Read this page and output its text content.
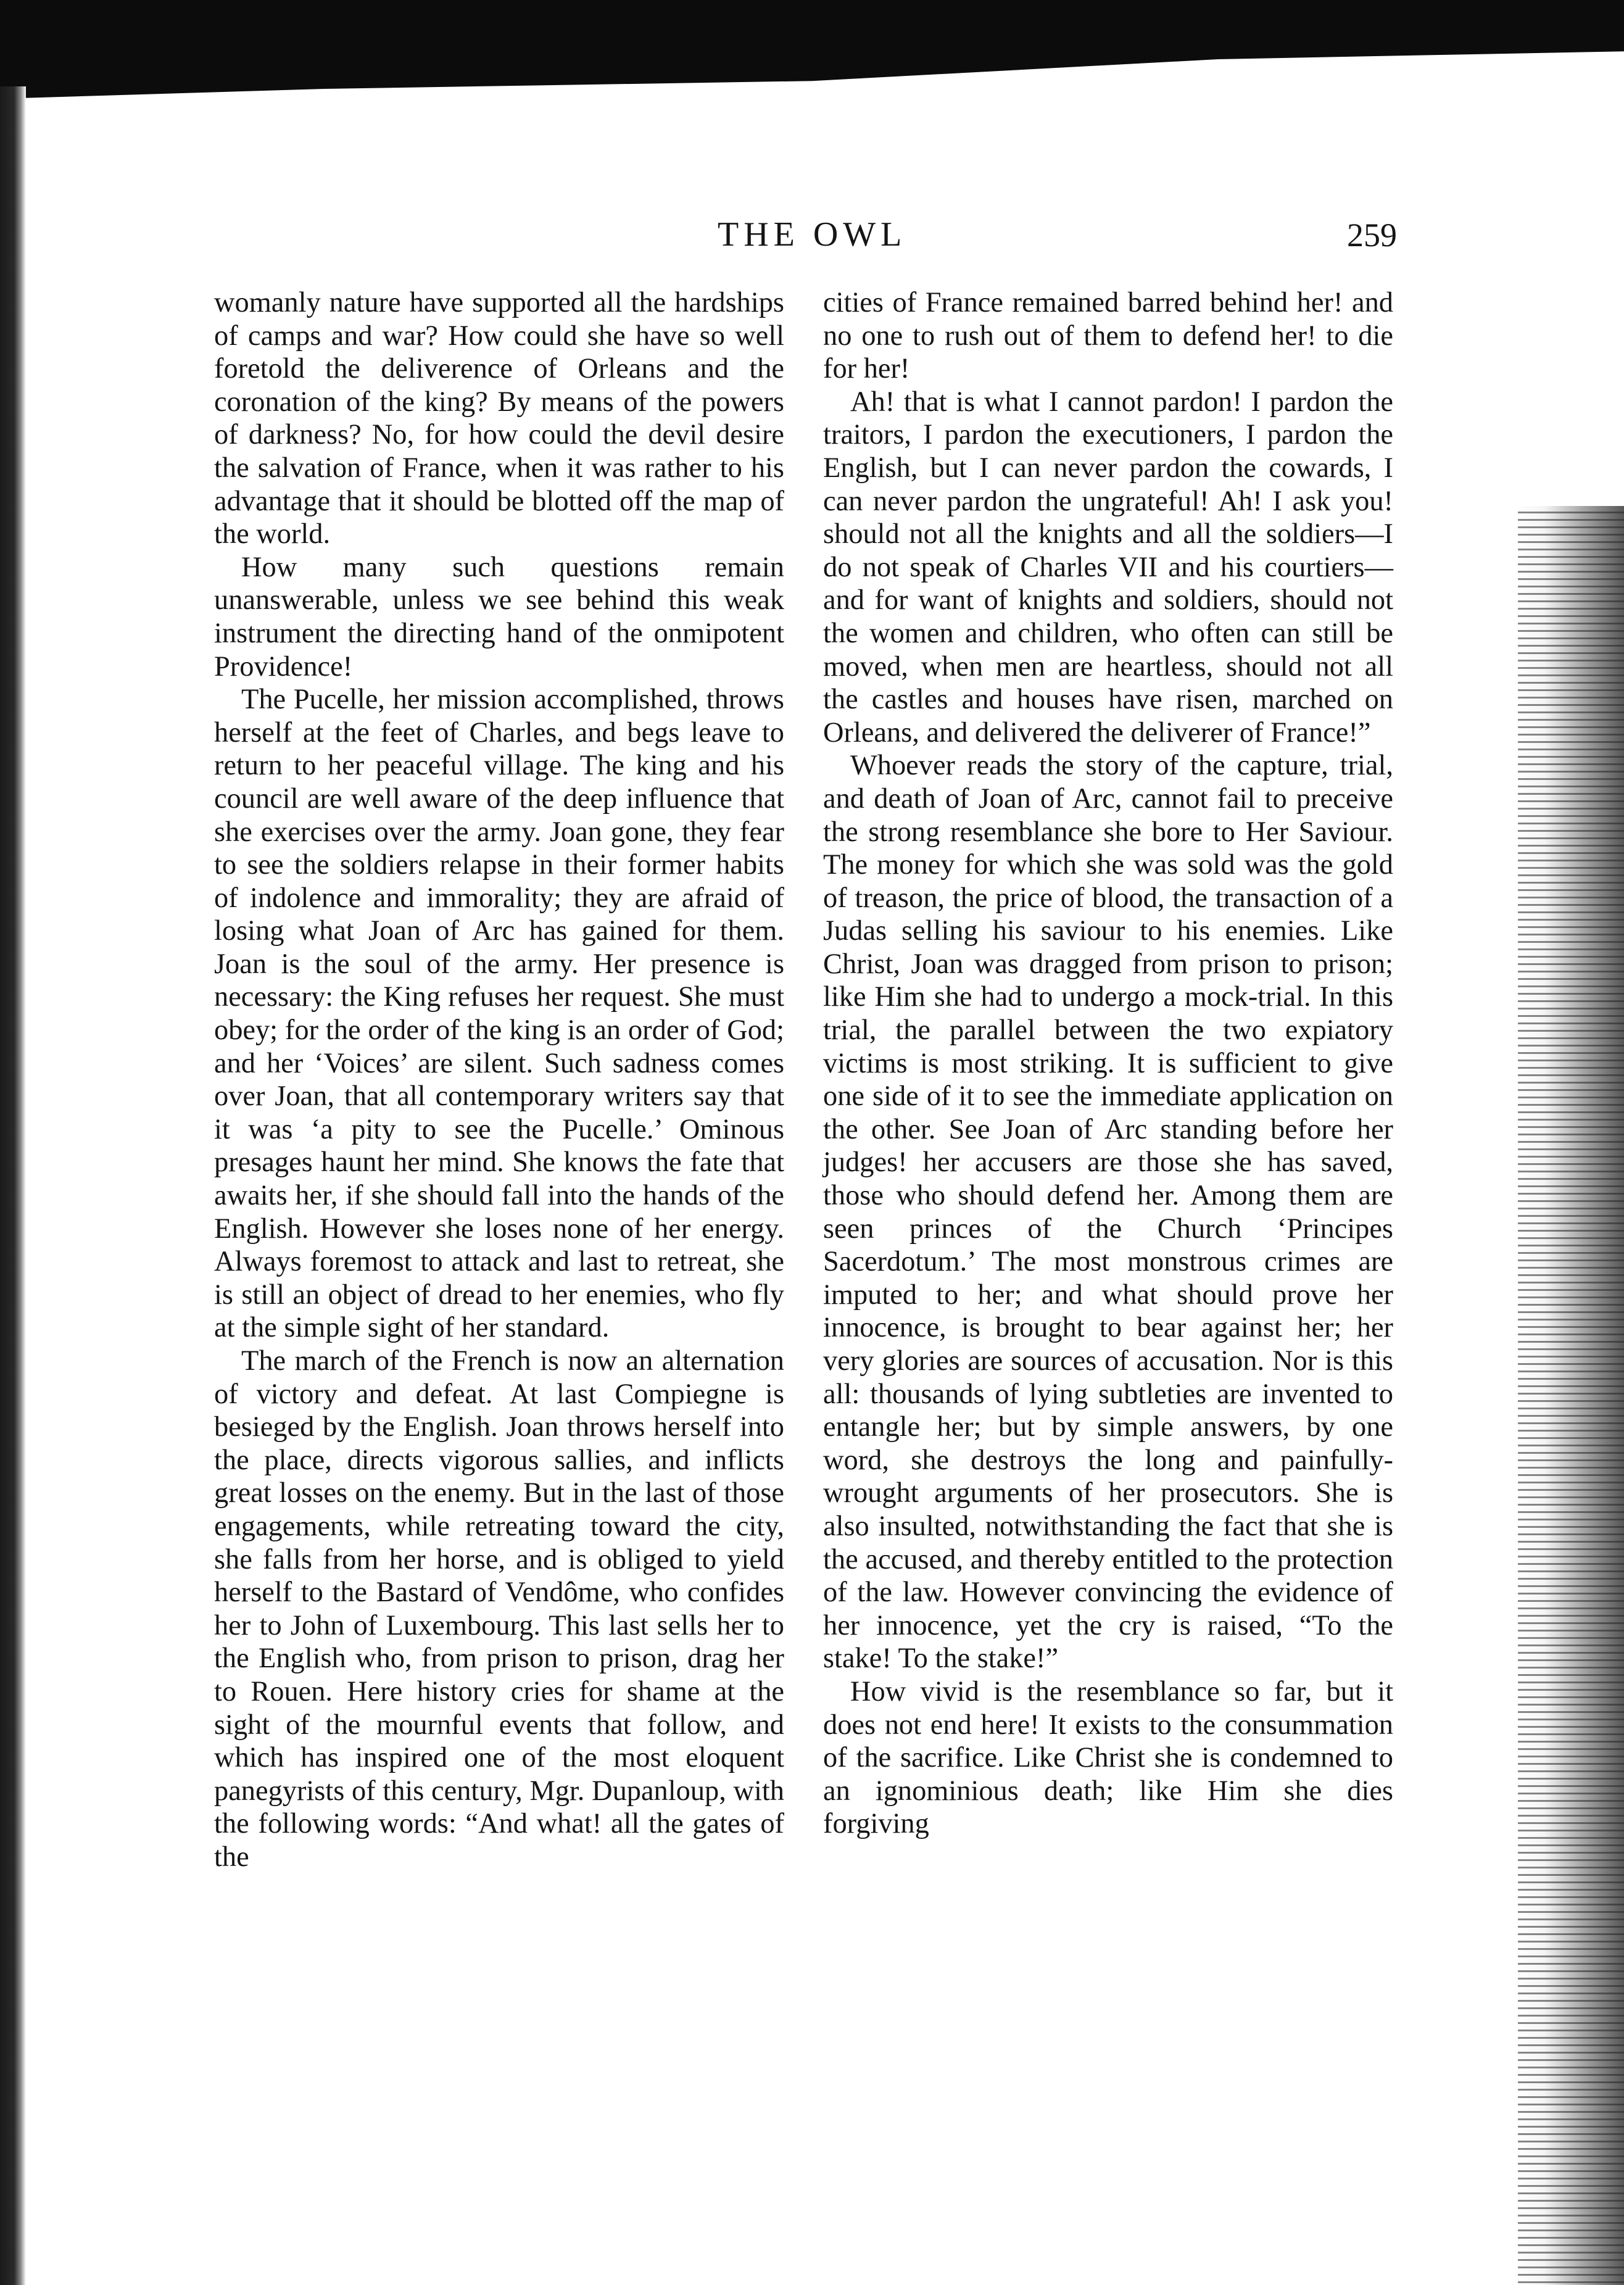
THE OWL	259

womanly nature have supported all the hardships of camps and war? How could she have so well foretold the deliverence of Orleans and the coronation of the king? By means of the powers of darkness? No, for how could the devil desire the salvation of France, when it was rather to his advantage that it should be blotted off the map of the world.

How many such questions remain unanswerable, unless we see behind this weak instrument the directing hand of the onmipotent Providence!

The Pucelle, her mission accomplished, throws herself at the feet of Charles, and begs leave to return to her peaceful village. The king and his council are well aware of the deep influence that she exercises over the army. Joan gone, they fear to see the soldiers relapse in their former habits of indolence and immorality; they are afraid of losing what Joan of Arc has gained for them. Joan is the soul of the army. Her presence is necessary: the King refuses her request. She must obey; for the order of the king is an order of God; and her ‘Voices’ are silent. Such sadness comes over Joan, that all contemporary writers say that it was ‘a pity to see the Pucelle.’ Ominous presages haunt her mind. She knows the fate that awaits her, if she should fall into the hands of the English. However she loses none of her energy. Always foremost to attack and last to retreat, she is still an object of dread to her enemies, who fly at the simple sight of her standard.

The march of the French is now an alternation of victory and defeat. At last Compiegne is besieged by the English. Joan throws herself into the place, directs vigorous sallies, and inflicts great losses on the enemy. But in the last of those engagements, while retreating toward the city, she falls from her horse, and is obliged to yield herself to the Bastard of Vendôme, who confides her to John of Luxembourg. This last sells her to the English who, from prison to prison, drag her to Rouen. Here history cries for shame at the sight of the mournful events that follow, and which has inspired one of the most eloquent panegyrists of this century, Mgr. Dupanloup, with the following words: “And what! all the gates of the

cities of France remained barred behind her! and no one to rush out of them to defend her! to die for her!

Ah! that is what I cannot pardon! I pardon the traitors, I pardon the executioners, I pardon the English, but I can never pardon the cowards, I can never pardon the ungrateful! Ah! I ask you! should not all the knights and all the soldiers—I do not speak of Charles VII and his courtiers—and for want of knights and soldiers, should not the women and children, who often can still be moved, when men are heartless, should not all the castles and houses have risen, marched on Orleans, and delivered the deliverer of France!”

Whoever reads the story of the capture, trial, and death of Joan of Arc, cannot fail to preceive the strong resemblance she bore to Her Saviour. The money for which she was sold was the gold of treason, the price of blood, the transaction of a Judas selling his saviour to his enemies. Like Christ, Joan was dragged from prison to prison; like Him she had to undergo a mock-trial. In this trial, the parallel between the two expiatory victims is most striking. It is sufficient to give one side of it to see the immediate application on the other. See Joan of Arc standing before her judges! her accusers are those she has saved, those who should defend her. Among them are seen princes of the Church ‘Principes Sacerdotum.’ The most monstrous crimes are imputed to her; and what should prove her innocence, is brought to bear against her; her very glories are sources of accusation. Nor is this all: thousands of lying subtleties are invented to entangle her; but by simple answers, by one word, she destroys the long and painfully-wrought arguments of her prosecutors. She is also insulted, notwithstanding the fact that she is the accused, and thereby entitled to the protection of the law. However convincing the evidence of her innocence, yet the cry is raised, “To the stake! To the stake!”

How vivid is the resemblance so far, but it does not end here! It exists to the consummation of the sacrifice. Like Christ she is condemned to an ignominious death; like Him she dies forgiving
